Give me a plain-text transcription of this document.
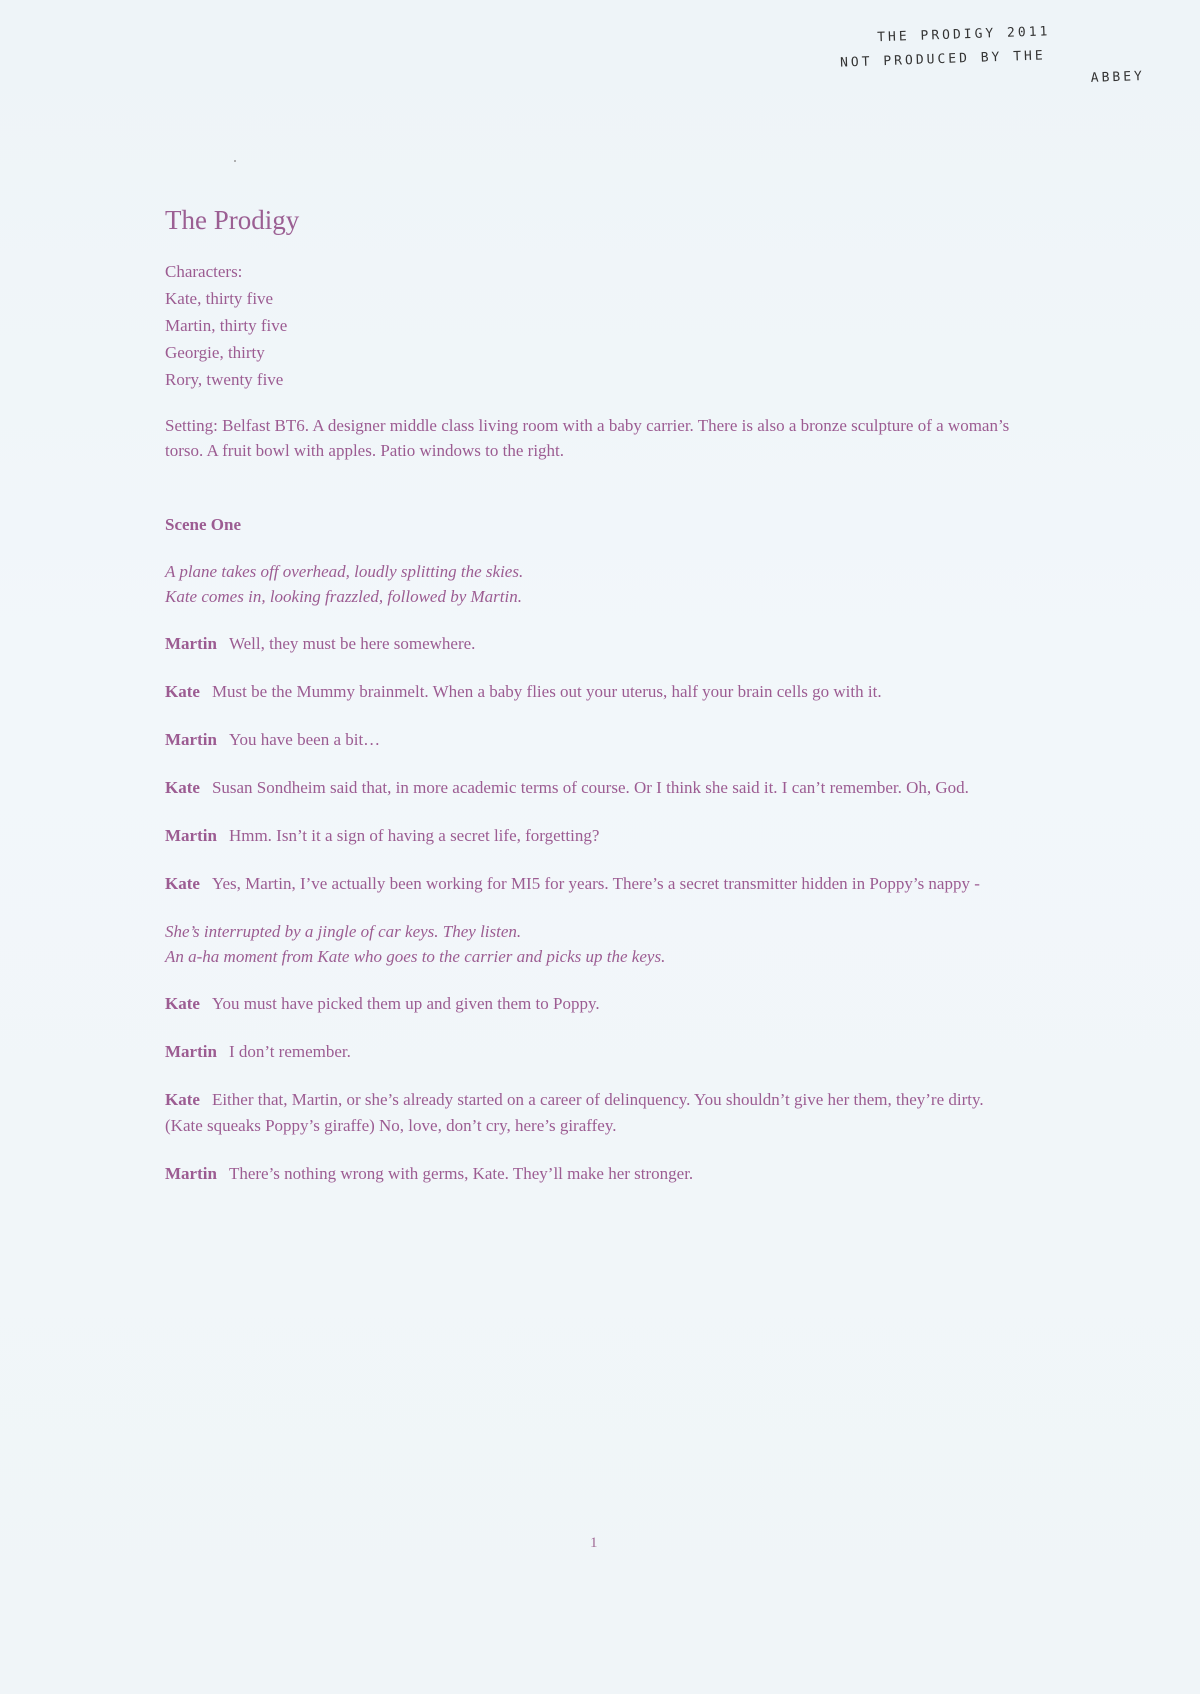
THE PRODIGY 2011
NOT PRODUCED BY THE
ABBEY
The Prodigy
Characters:
Kate, thirty five
Martin, thirty five
Georgie, thirty
Rory, twenty five
Setting: Belfast BT6. A designer middle class living room with a baby carrier. There is also a bronze sculpture of a woman’s torso. A fruit bowl with apples. Patio windows to the right.
Scene One
A plane takes off overhead, loudly splitting the skies.
Kate comes in, looking frazzled, followed by Martin.
Martin Well, they must be here somewhere.
Kate Must be the Mummy brainmelt. When a baby flies out your uterus, half your brain cells go with it.
Martin You have been a bit…
Kate Susan Sondheim said that, in more academic terms of course. Or I think she said it. I can’t remember. Oh, God.
Martin Hmm. Isn’t it a sign of having a secret life, forgetting?
Kate Yes, Martin, I’ve actually been working for MI5 for years. There’s a secret transmitter hidden in Poppy’s nappy -
She’s interrupted by a jingle of car keys. They listen.
An a-ha moment from Kate who goes to the carrier and picks up the keys.
Kate You must have picked them up and given them to Poppy.
Martin I don’t remember.
Kate Either that, Martin, or she’s already started on a career of delinquency. You shouldn’t give her them, they’re dirty. (Kate squeaks Poppy’s giraffe) No, love, don’t cry, here’s giraffey.
Martin There’s nothing wrong with germs, Kate. They’ll make her stronger.
1
